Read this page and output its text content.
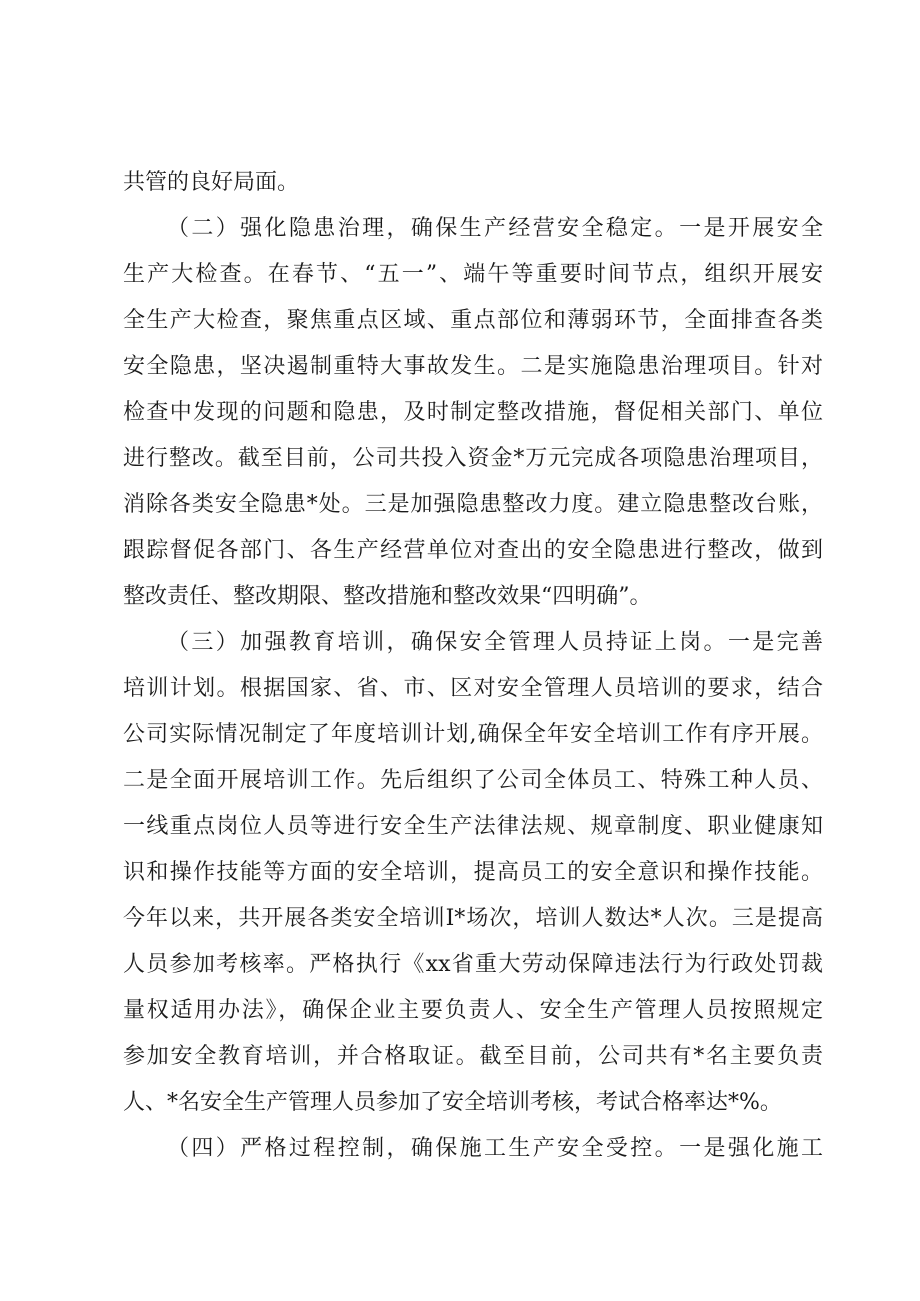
共管的良好局面。

（二）强化隐患治理，确保生产经营安全稳定。一是开展安全

生产大检查。在春节、“五一”、端午等重要时间节点，组织开展安

全生产大检查，聚焦重点区域、重点部位和薄弱环节，全面排查各类

安全隐患，坚决遏制重特大事故发生。二是实施隐患治理项目。针对

检查中发现的问题和隐患，及时制定整改措施，督促相关部门、单位

进行整改。截至目前，公司共投入资金*万元完成各项隐患治理项目，

消除各类安全隐患*处。三是加强隐患整改力度。建立隐患整改台账，

跟踪督促各部门、各生产经营单位对查出的安全隐患进行整改，做到

整改责任、整改期限、整改措施和整改效果“四明确”。

（三）加强教育培训，确保安全管理人员持证上岗。一是完善

培训计划。根据国家、省、市、区对安全管理人员培训的要求，结合

公司实际情况制定了年度培训计划,确保全年安全培训工作有序开展。

二是全面开展培训工作。先后组织了公司全体员工、特殊工种人员、

一线重点岗位人员等进行安全生产法律法规、规章制度、职业健康知

识和操作技能等方面的安全培训，提高员工的安全意识和操作技能。

今年以来，共开展各类安全培训I*场次，培训人数达*人次。三是提高

人员参加考核率。严格执行《xx省重大劳动保障违法行为行政处罚裁

量权适用办法》，确保企业主要负责人、安全生产管理人员按照规定

参加安全教育培训，并合格取证。截至目前，公司共有*名主要负责

人、*名安全生产管理人员参加了安全培训考核，考试合格率达*%。

（四）严格过程控制，确保施工生产安全受控。一是强化施工
